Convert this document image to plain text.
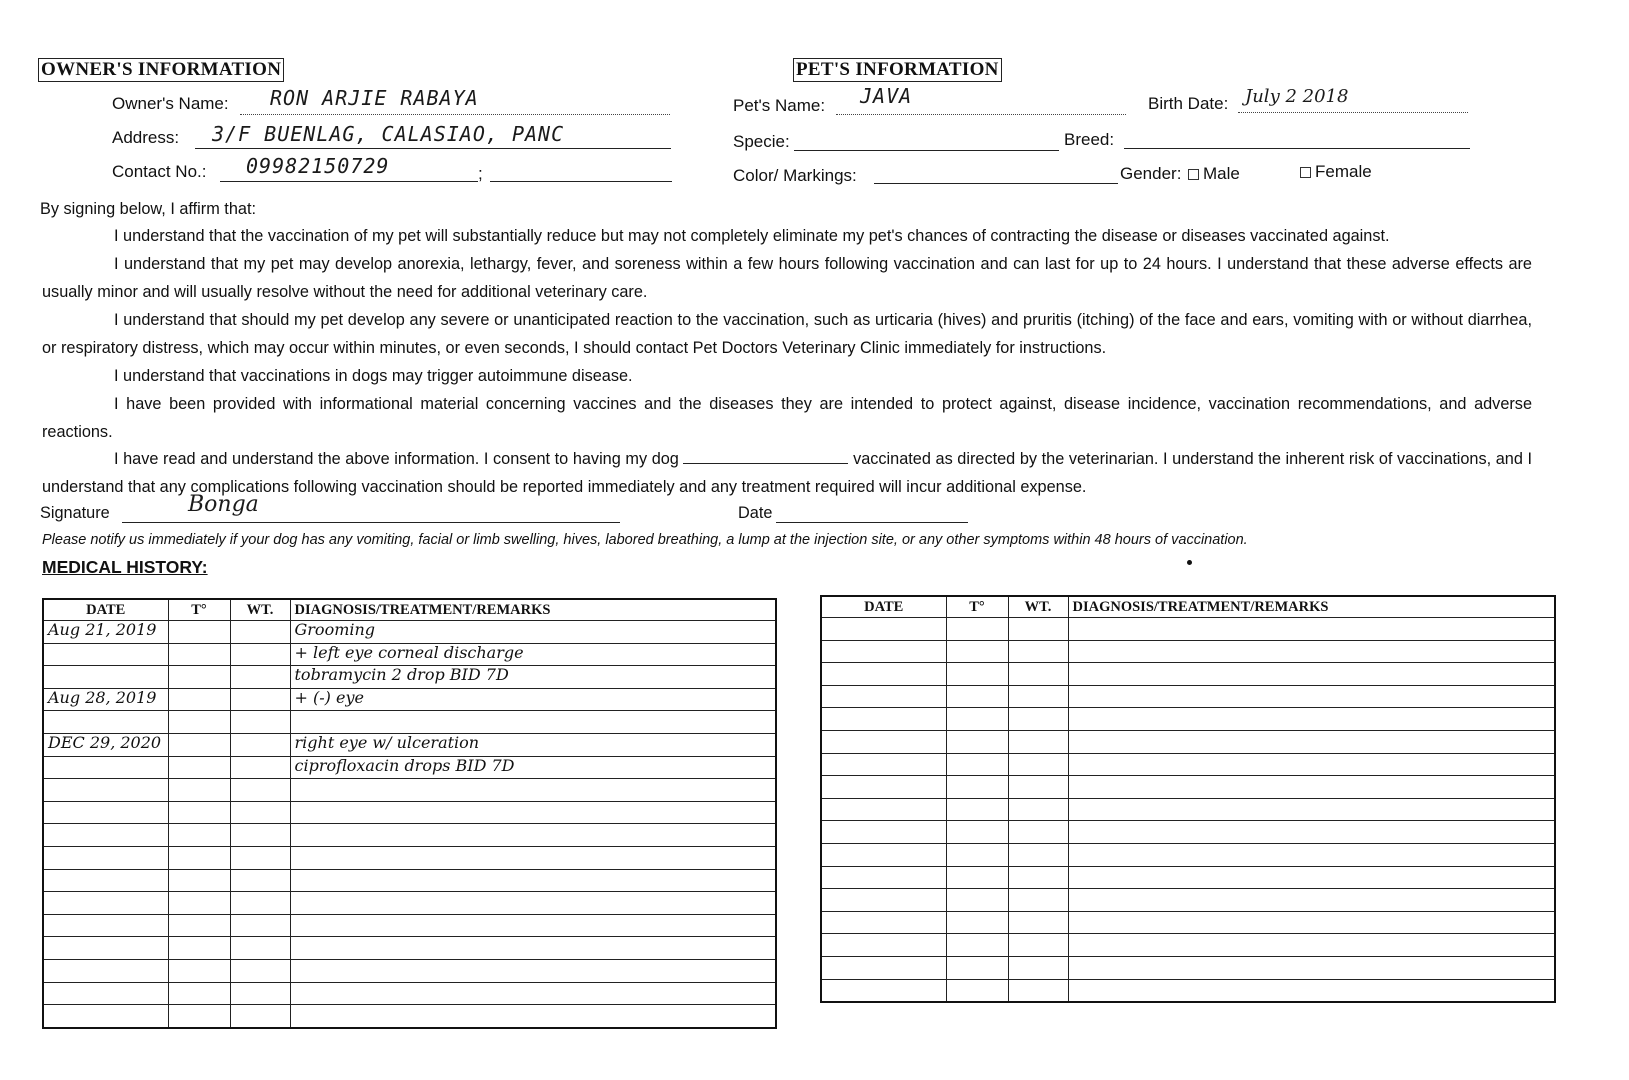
OWNER'S INFORMATION
Owner's Name: RON ARJIE RABAYA
Address: 3/F BUENLAG, CALASIAO, PANC
Contact No.: 09982150729	;
PET'S INFORMATION
Pet's Name: JAVA	Birth Date: July 2 2018
Specie:	Breed:
Color/ Markings:	Gender:	Male	Female
By signing below, I affirm that:
I understand that the vaccination of my pet will substantially reduce but may not completely eliminate my pet's chances of contracting the disease or diseases vaccinated against.
I understand that my pet may develop anorexia, lethargy, fever, and soreness within a few hours following vaccination and can last for up to 24 hours. I understand that these adverse effects are usually minor and will usually resolve without the need for additional veterinary care.
I understand that should my pet develop any severe or unanticipated reaction to the vaccination, such as urticaria (hives) and pruritis (itching) of the face and ears, vomiting with or without diarrhea, or respiratory distress, which may occur within minutes, or even seconds, I should contact Pet Doctors Veterinary Clinic immediately for instructions.
I understand that vaccinations in dogs may trigger autoimmune disease.
I have been provided with informational material concerning vaccines and the diseases they are intended to protect against, disease incidence, vaccination recommendations, and adverse reactions.
I have read and understand the above information. I consent to having my dog	vaccinated as directed by the veterinarian. I understand the inherent risk of vaccinations, and I understand that any complications following vaccination should be reported immediately and any treatment required will incur additional expense.
Signature	Bonga	Date
Please notify us immediately if your dog has any vomiting, facial or limb swelling, hives, labored breathing, a lump at the injection site, or any other symptoms within 48 hours of vaccination.
MEDICAL HISTORY:
DATE	T°	WT.	DIAGNOSIS/TREATMENT/REMARKS
Aug 21, 2019			Grooming
			+ left eye corneal discharge
			tobramycin 2 drop BID 7D
Aug 28, 2019			+ (-) eye

DEC 29, 2020			right eye w/ ulceration
			ciprofloxacin drops BID 7D

DATE	T°	WT.	DIAGNOSIS/TREATMENT/REMARKS
